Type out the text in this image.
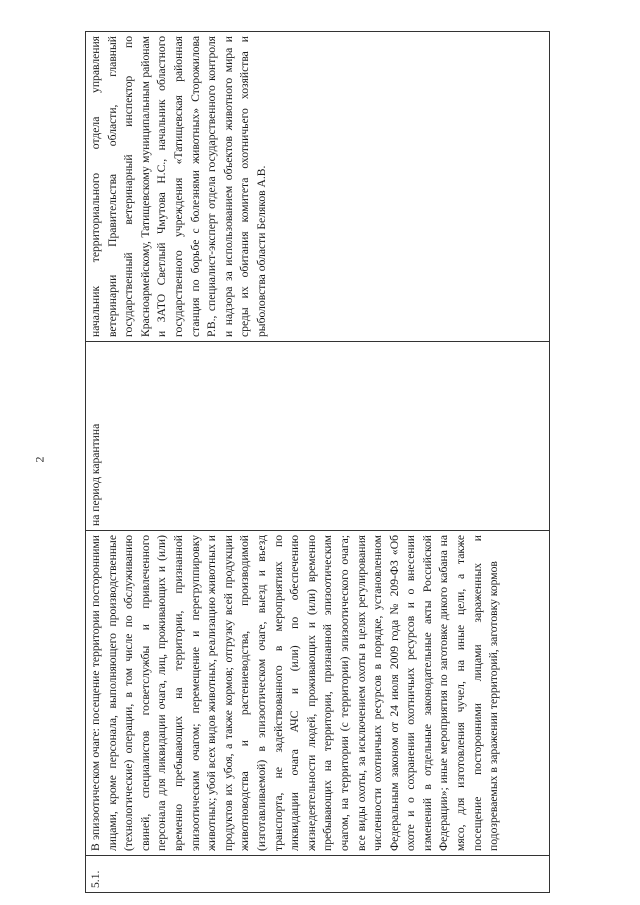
2
5.1.	В эпизоотическом очаге: посещение территории посторонними лицами, кроме персонала, выполняющего производственные (технологические) операции, в том числе по обслуживанию свиней, специалистов госветслужбы и привлеченного персонала для ликвидации очага, лиц, проживающих и (или) временно пребывающих на территории, признанной эпизоотическим очагом; перемещение и перегруппировку животных; убой всех видов животных, реализацию животных и продуктов их убоя, а также кормов; отгрузку всей продукции животноводства и растениеводства, производимой (изготавливаемой) в эпизоотическом очаге, выезд и въезд транспорта, не задействованного в мероприятиях по ликвидации очага АЧС и (или) по обеспечению жизнедеятельности людей, проживающих и (или) временно пребывающих на территории, признанной эпизоотическим очагом, на территории (с территории) эпизоотического очага; все виды охоты, за исключением охоты в целях регулирования численности охотничьих ресурсов в порядке, установленном Федеральным законом от 24 июля 2009 года № 209-ФЗ «Об охоте и о сохранении охотничьих ресурсов и о внесении изменений в отдельные законодательные акты Российской Федерации»; иные мероприятия по заготовке дикого кабана на мясо, для изготовления чучел, на иные цели, а также посещение посторонними лицами зараженных и подозреваемых в заражении территорий, заготовку кормов	на период карантина	начальник территориального отдела управления ветеринарии Правительства области, главный государственный ветеринарный инспектор по Красноармейскому, Татищевскому муниципальным районам и ЗАТО Светлый Чмутова Н.С., начальник областного государственного учреждения «Татищевская районная станция по борьбе с болезнями животных» Сторожилова Р.В., специалист-эксперт отдела государственного контроля и надзора за использованием объектов животного мира и среды их обитания комитета охотничьего хозяйства и рыболовства области Беляков А.В.
